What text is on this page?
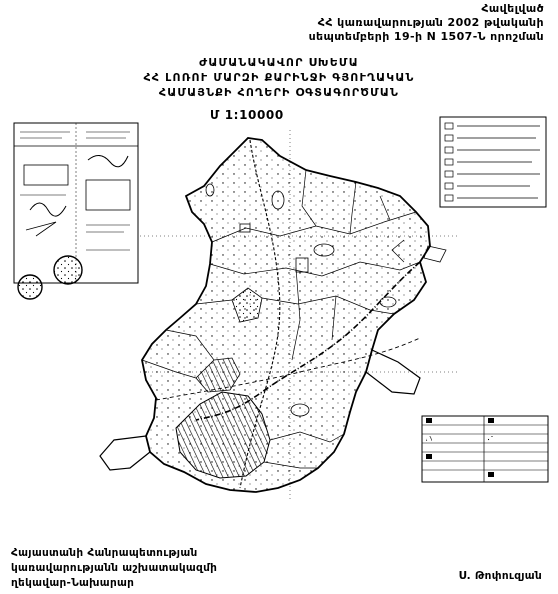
Հավելված
ՀՀ կառավարության 2002 թվականի
սեպտեմբերի 19-ի N 1507-Ն որոշման
ԺԱՄԱՆԱԿԱՎՈՐ ՍԽԵՄԱ
ՀՀ ԼՈՌՈՒ ՄԱՐԶԻ ՔԱՐԻՆՋԻ ԳՅՈՒՂԱԿԱՆ
ՀԱՄԱՅՆՔԻ ՀՈՂԵՐԻ ՕԳՏԱԳՈՐԾՄԱՆ
Մ 1:10000
Հայաստանի Հանրապետության
կառավարությանն աշխատակազմի
ղեկավար-Նախարար
Ս. Թոփուզյան
